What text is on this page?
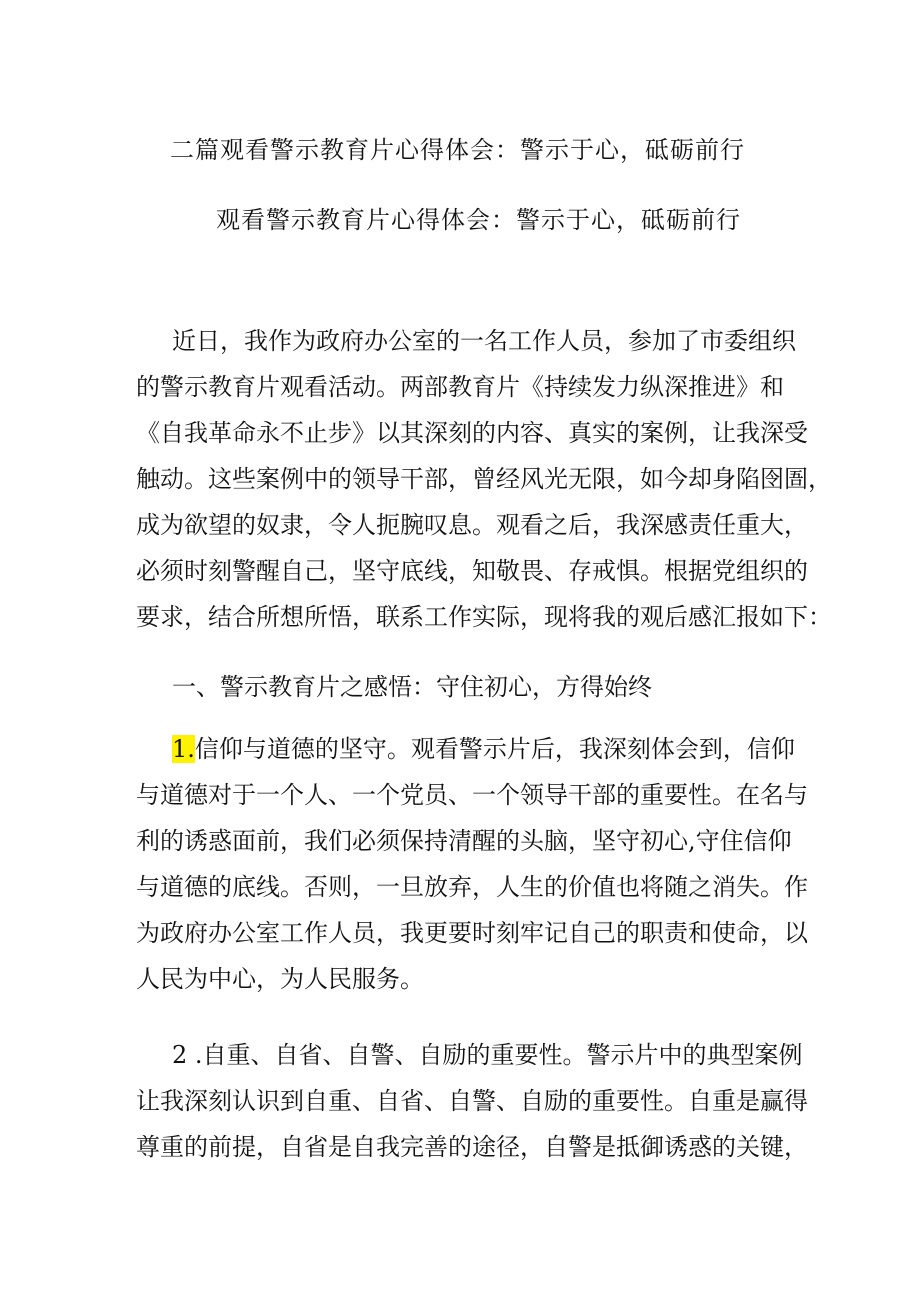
二篇观看警示教育片心得体会：警示于心，砥砺前行
观看警示教育片心得体会：警示于心，砥砺前行
近日，我作为政府办公室的一名工作人员，参加了市委组织
的警示教育片观看活动。两部教育片《持续发力纵深推进》和
《自我革命永不止步》以其深刻的内容、真实的案例，让我深受
触动。这些案例中的领导干部，曾经风光无限，如今却身陷囹圄，
成为欲望的奴隶，令人扼腕叹息。观看之后，我深感责任重大，
必须时刻警醒自己，坚守底线，知敬畏、存戒惧。根据党组织的
要求，结合所想所悟，联系工作实际，现将我的观后感汇报如下：
一、警示教育片之感悟：守住初心，方得始终
1.信仰与道德的坚守。观看警示片后，我深刻体会到，信仰
与道德对于一个人、一个党员、一个领导干部的重要性。在名与
利的诱惑面前，我们必须保持清醒的头脑，坚守初心,守住信仰
与道德的底线。否则，一旦放弃，人生的价值也将随之消失。作
为政府办公室工作人员，我更要时刻牢记自己的职责和使命，以
人民为中心，为人民服务。
2 .自重、自省、自警、自励的重要性。警示片中的典型案例
让我深刻认识到自重、自省、自警、自励的重要性。自重是赢得
尊重的前提，自省是自我完善的途径，自警是抵御诱惑的关键，
